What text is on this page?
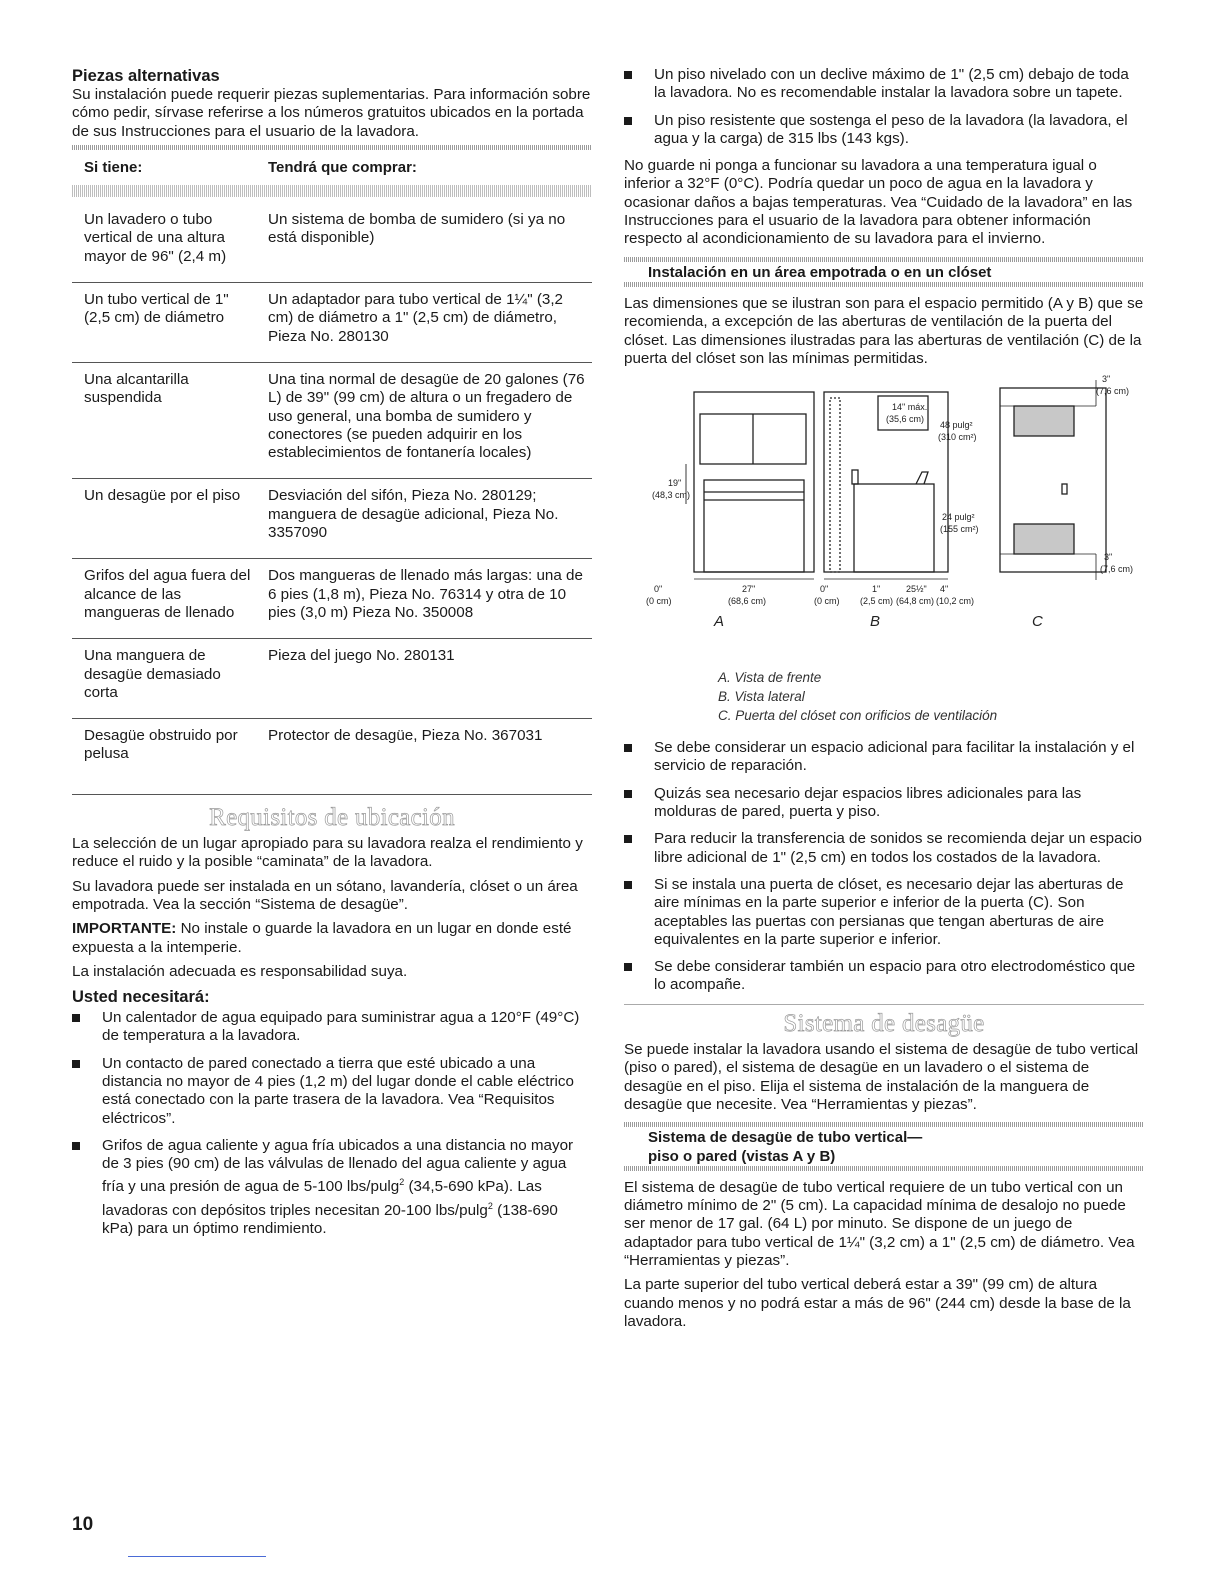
Piezas alternativas

Su instalación puede requerir piezas suplementarias. Para información sobre cómo pedir, sírvase referirse a los números gratuitos ubicados en la portada de sus Instrucciones para el usuario de la lavadora.

Si tiene:	Tendrá que comprar:

Un lavadero o tubo vertical de una altura mayor de 96" (2,4 m)	Un sistema de bomba de sumidero (si ya no está disponible)
Un tubo vertical de 1" (2,5 cm) de diámetro	Un adaptador para tubo vertical de 1¼" (3,2 cm) de diámetro a 1" (2,5 cm) de diámetro, Pieza No. 280130
Una alcantarilla suspendida	Una tina normal de desagüe de 20 galones (76 L) de 39" (99 cm) de altura o un fregadero de uso general, una bomba de sumidero y conectores (se pueden adquirir en los establecimientos de fontanería locales)
Un desagüe por el piso	Desviación del sifón, Pieza No. 280129; manguera de desagüe adicional, Pieza No. 3357090
Grifos del agua fuera del alcance de las mangueras de llenado	Dos mangueras de llenado más largas: una de 6 pies (1,8 m), Pieza No. 76314 y otra de 10 pies (3,0 m) Pieza No. 350008
Una manguera de desagüe demasiado corta	Pieza del juego No. 280131
Desagüe obstruido por pelusa	Protector de desagüe, Pieza No. 367031
Requisitos de ubicación

La selección de un lugar apropiado para su lavadora realza el rendimiento y reduce el ruido y la posible “caminata” de la lavadora.

Su lavadora puede ser instalada en un sótano, lavandería, clóset o un área empotrada. Vea la sección “Sistema de desagüe”.

IMPORTANTE: No instale o guarde la lavadora en un lugar en donde esté expuesta a la intemperie.

La instalación adecuada es responsabilidad suya.

Usted necesitará:
Un calentador de agua equipado para suministrar agua a 120°F (49°C) de temperatura a la lavadora.
Un contacto de pared conectado a tierra que esté ubicado a una distancia no mayor de 4 pies (1,2 m) del lugar donde el cable eléctrico está conectado con la parte trasera de la lavadora. Vea “Requisitos eléctricos”.
Grifos de agua caliente y agua fría ubicados a una distancia no mayor de 3 pies (90 cm) de las válvulas de llenado del agua caliente y agua fría y una presión de agua de 5-100 lbs/pulg$^2$ (34,5-690 kPa). Las lavadoras con depósitos triples necesitan 20-100 lbs/pulg$^2$ (138-690 kPa) para un óptimo rendimiento.
Un piso nivelado con un declive máximo de 1" (2,5 cm) debajo de toda la lavadora. No es recomendable instalar la lavadora sobre un tapete.
Un piso resistente que sostenga el peso de la lavadora (la lavadora, el agua y la carga) de 315 lbs (143 kgs).

No guarde ni ponga a funcionar su lavadora a una temperatura igual o inferior a 32°F (0°C). Podría quedar un poco de agua en la lavadora y ocasionar daños a bajas temperaturas. Vea “Cuidado de la lavadora” en las Instrucciones para el usuario de la lavadora para obtener información respecto al acondicionamiento de su lavadora para el invierno.

Instalación en un área empotrada o en un clóset

Las dimensiones que se ilustran son para el espacio permitido (A y B) que se recomienda, a excepción de las aberturas de ventilación de la puerta del clóset. Las dimensiones ilustradas para las aberturas de ventilación (C) de la puerta del clóset son las mínimas permitidas.

19"
(48,3 cm)
0"
(0 cm)
27"
(68,6 cm)
0"
(0 cm)
1"
(2,5 cm)
25½"
(64,8 cm)
4"
(10,2 cm)
14" máx.
(35,6 cm)
48 pulg²
(310 cm²)
24 pulg²
(155 cm²)
3"
(7,6 cm)
3"
(7,6 cm)
A	B	C
A. Vista de frente
B. Vista lateral
C. Puerta del clóset con orificios de ventilación
Se debe considerar un espacio adicional para facilitar la instalación y el servicio de reparación.
Quizás sea necesario dejar espacios libres adicionales para las molduras de pared, puerta y piso.
Para reducir la transferencia de sonidos se recomienda dejar un espacio libre adicional de 1" (2,5 cm) en todos los costados de la lavadora.
Si se instala una puerta de clóset, es necesario dejar las aberturas de aire mínimas en la parte superior e inferior de la puerta (C). Son aceptables las puertas con persianas que tengan aberturas de aire equivalentes en la parte superior e inferior.
Se debe considerar también un espacio para otro electrodoméstico que lo acompañe.
Sistema de desagüe

Se puede instalar la lavadora usando el sistema de desagüe de tubo vertical (piso o pared), el sistema de desagüe en un lavadero o el sistema de desagüe en el piso. Elija el sistema de instalación de la manguera de desagüe que necesite. Vea “Herramientas y piezas”.

Sistema de desagüe de tubo vertical—
piso o pared (vistas A y B)

El sistema de desagüe de tubo vertical requiere de un tubo vertical con un diámetro mínimo de 2" (5 cm). La capacidad mínima de desalojo no puede ser menor de 17 gal. (64 L) por minuto. Se dispone de un juego de adaptador para tubo vertical de 1¼" (3,2 cm) a 1" (2,5 cm) de diámetro. Vea “Herramientas y piezas”.

La parte superior del tubo vertical deberá estar a 39" (99 cm) de altura cuando menos y no podrá estar a más de 96" (244 cm) desde la base de la lavadora.

10
